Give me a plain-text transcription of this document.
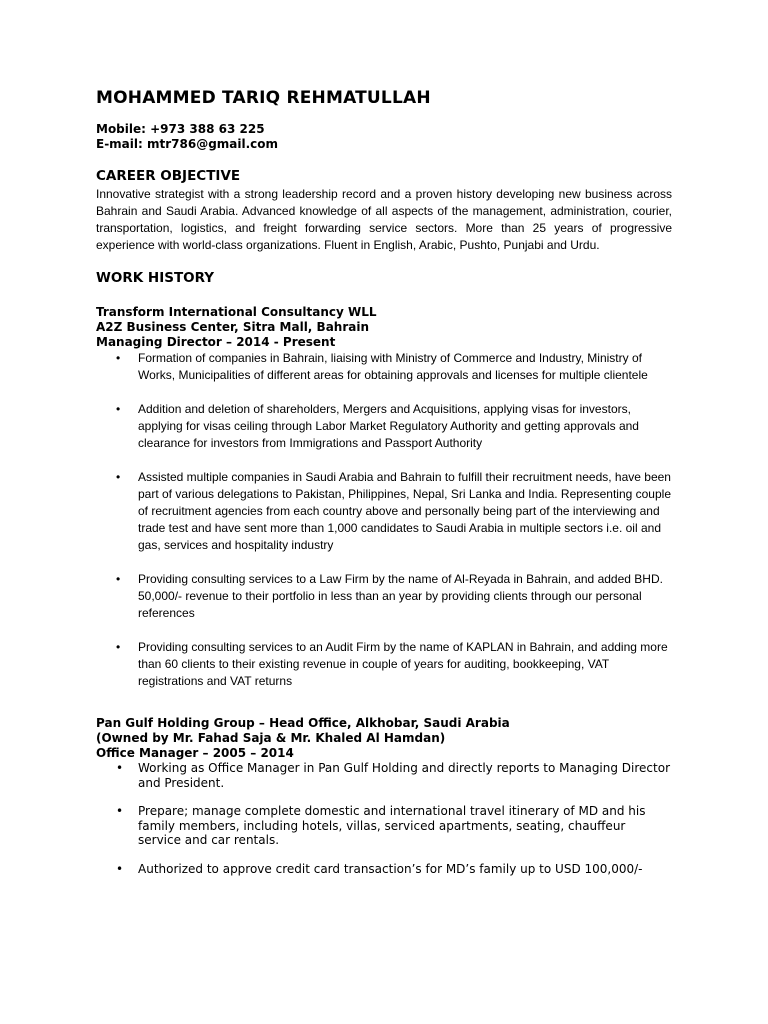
MOHAMMED TARIQ REHMATULLAH
Mobile: +973 388 63 225
E-mail: mtr786@gmail.com
CAREER OBJECTIVE

Innovative strategist with a strong leadership record and a proven history developing new business across Bahrain and Saudi Arabia. Advanced knowledge of all aspects of the management, administration, courier, transportation, logistics, and freight forwarding service sectors. More than 25 years of progressive experience with world-class organizations. Fluent in English, Arabic, Pushto, Punjabi and Urdu.

WORK HISTORY
Transform International Consultancy WLL
A2Z Business Center, Sitra Mall, Bahrain
Managing Director – 2014 - Present
• Formation of companies in Bahrain, liaising with Ministry of Commerce and Industry, Ministry of Works, Municipalities of different areas for obtaining approvals and licenses for multiple clientele
• Addition and deletion of shareholders, Mergers and Acquisitions, applying visas for investors, applying for visas ceiling through Labor Market Regulatory Authority and getting approvals and clearance for investors from Immigrations and Passport Authority
• Assisted multiple companies in Saudi Arabia and Bahrain to fulfill their recruitment needs, have been part of various delegations to Pakistan, Philippines, Nepal, Sri Lanka and India. Representing couple of recruitment agencies from each country above and personally being part of the interviewing and trade test and have sent more than 1,000 candidates to Saudi Arabia in multiple sectors i.e. oil and gas, services and hospitality industry
• Providing consulting services to a Law Firm by the name of Al-Reyada in Bahrain, and added BHD. 50,000/- revenue to their portfolio in less than an year by providing clients through our personal references
• Providing consulting services to an Audit Firm by the name of KAPLAN in Bahrain, and adding more than 60 clients to their existing revenue in couple of years for auditing, bookkeeping, VAT registrations and VAT returns
Pan Gulf Holding Group – Head Office, Alkhobar, Saudi Arabia
(Owned by Mr. Fahad Saja & Mr. Khaled Al Hamdan)
Office Manager – 2005 – 2014
• Working as Office Manager in Pan Gulf Holding and directly reports to Managing Director and President.
• Prepare; manage complete domestic and international travel itinerary of MD and his family members, including hotels, villas, serviced apartments, seating, chauffeur service and car rentals.
• Authorized to approve credit card transaction’s for MD’s family up to USD 100,000/-
